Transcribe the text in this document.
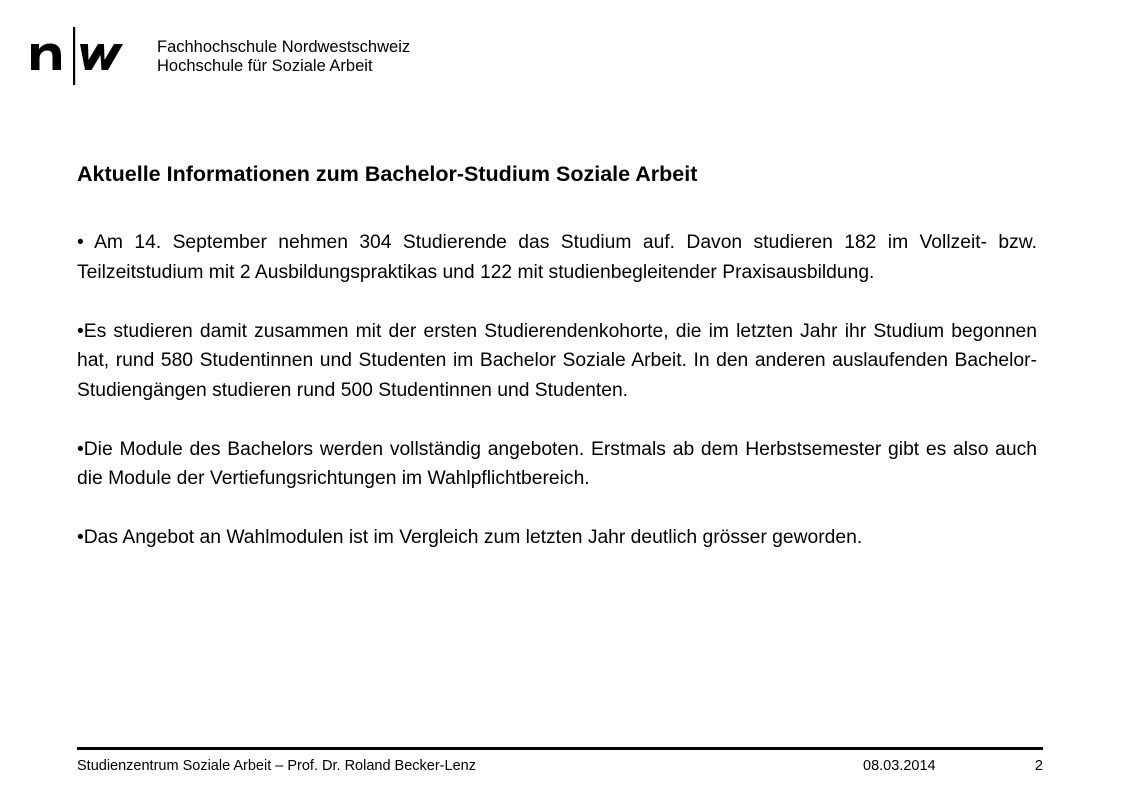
Fachhochschule Nordwestschweiz
Hochschule für Soziale Arbeit
Aktuelle Informationen zum Bachelor-Studium Soziale Arbeit

• Am 14. September nehmen 304 Studierende das Studium auf. Davon studieren 182 im Vollzeit- bzw. Teilzeitstudium mit 2 Ausbildungspraktikas und 122 mit studienbegleitender Praxisausbildung.

•Es studieren damit zusammen mit der ersten Studierendenkohorte, die im letzten Jahr ihr Studium begonnen hat, rund 580 Studentinnen und Studenten im Bachelor Soziale Arbeit. In den anderen auslaufenden Bachelor-Studiengängen studieren rund 500 Studentinnen und Studenten.

•Die Module des Bachelors werden vollständig angeboten. Erstmals ab dem Herbstsemester gibt es also auch die Module der Vertiefungsrichtungen im Wahlpflichtbereich.

•Das Angebot an Wahlmodulen ist im Vergleich zum letzten Jahr deutlich grösser geworden.

Studienzentrum Soziale Arbeit – Prof. Dr. Roland Becker-Lenz	08.03.2014	2
